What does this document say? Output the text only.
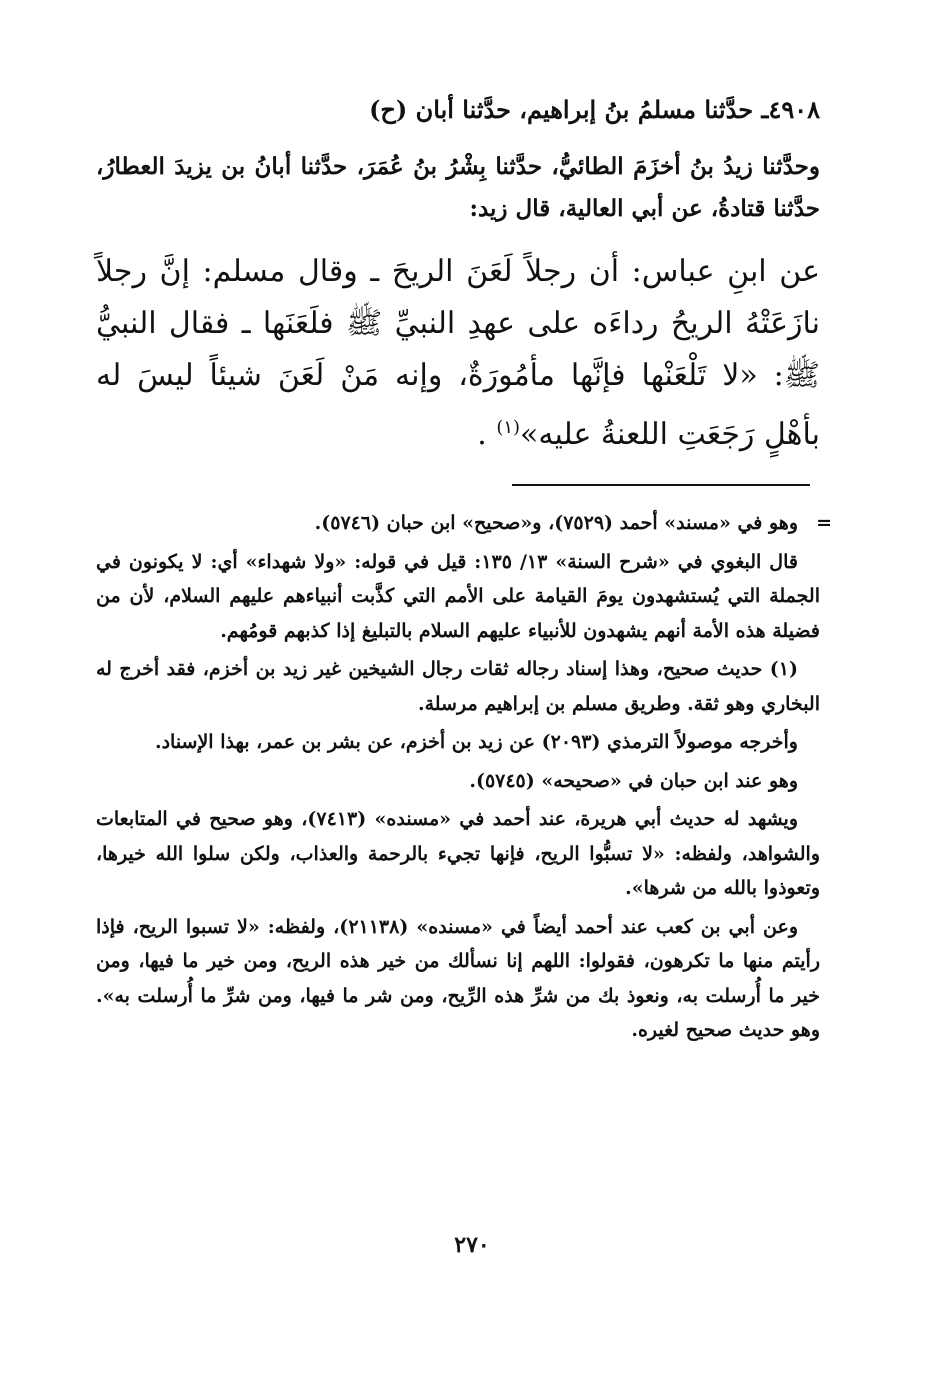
٤٩٠٨ـ حدَّثنا مسلمُ بنُ إبراهيم، حدَّثنا أبان (ح)

وحدَّثنا زيدُ بنُ أخزَمَ الطائيُّ، حدَّثنا بِشْرُ بنُ عُمَرَ، حدَّثنا أبانُ بن يزيدَ العطارُ، حدَّثنا قتادةُ، عن أبي العالية، قال زيد:

عن ابنِ عباس: أن رجلاً لَعَنَ الريحَ ـ وقال مسلم: إنَّ رجلاً نازَعَتْهُ الريحُ رداءَه على عهدِ النبيِّ ﷺ فلَعَنَها ـ فقال النبيُّ ﷺ: «لا تَلْعَنْها فإنَّها مأمُورَةٌ، وإنه مَنْ لَعَنَ شيئاً ليسَ له بأهْلٍ رَجَعَتِ اللعنةُ عليه»$^{(١)}$ .

=

وهو في «مسند» أحمد (٧٥٢٩)، و«صحيح» ابن حبان (٥٧٤٦).

قال البغوي في «شرح السنة» ١٣/ ١٣٥: قيل في قوله: «ولا شهداء» أي: لا يكونون في الجملة التي يُستشهدون يومَ القيامة على الأمم التي كذَّبت أنبياءهم عليهم السلام، لأن من فضيلة هذه الأمة أنهم يشهدون للأنبياء عليهم السلام بالتبليغ إذا كذبهم قومُهم.

(١) حديث صحيح، وهذا إسناد رجاله ثقات رجال الشيخين غير زيد بن أخزم، فقد أخرج له البخاري وهو ثقة. وطريق مسلم بن إبراهيم مرسلة.

وأخرجه موصولاً الترمذي (٢٠٩٣) عن زيد بن أخزم، عن بشر بن عمر، بهذا الإسناد.

وهو عند ابن حبان في «صحيحه» (٥٧٤٥).

ويشهد له حديث أبي هريرة، عند أحمد في «مسنده» (٧٤١٣)، وهو صحيح في المتابعات والشواهد، ولفظه: «لا تسبُّوا الريح، فإنها تجيء بالرحمة والعذاب، ولكن سلوا الله خيرها، وتعوذوا بالله من شرها».

وعن أبي بن كعب عند أحمد أيضاً في «مسنده» (٢١١٣٨)، ولفظه: «لا تسبوا الريح، فإذا رأيتم منها ما تكرهون، فقولوا: اللهم إنا نسألك من خير هذه الريح، ومن خير ما فيها، ومن خير ما أُرسلت به، ونعوذ بك من شرِّ هذه الرِّيح، ومن شر ما فيها، ومن شرِّ ما أُرسلت به». وهو حديث صحيح لغيره.

٢٧٠
